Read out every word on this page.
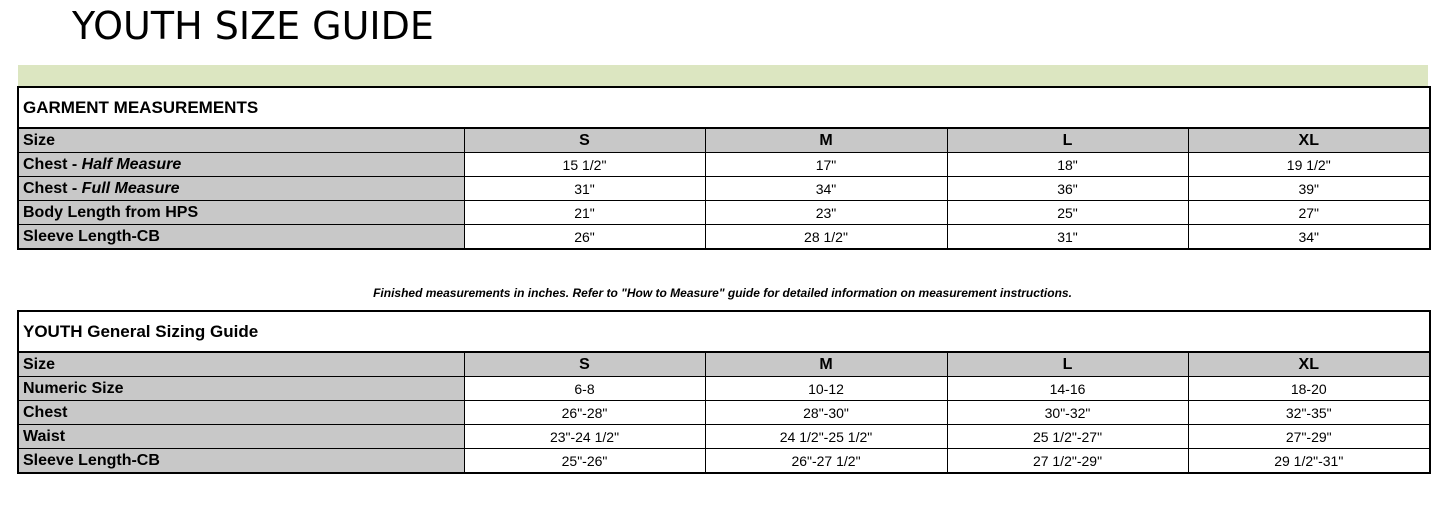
YOUTH SIZE GUIDE
GARMENT MEASUREMENTS				
Size	S	M	L	XL
Chest - Half Measure	15 1/2"	17"	18"	19 1/2"
Chest - Full Measure	31"	34"	36"	39"
Body Length from HPS	21"	23"	25"	27"
Sleeve Length-CB	26"	28 1/2"	31"	34"
Finished measurements in inches. Refer to "How to Measure" guide for detailed information on measurement instructions.
YOUTH General Sizing Guide				
Size	S	M	L	XL
Numeric Size	6-8	10-12	14-16	18-20
Chest	26"-28"	28"-30"	30"-32"	32"-35"
Waist	23"-24 1/2"	24 1/2"-25 1/2"	25 1/2"-27"	27"-29"
Sleeve Length-CB	25"-26"	26"-27 1/2"	27 1/2"-29"	29 1/2"-31"
